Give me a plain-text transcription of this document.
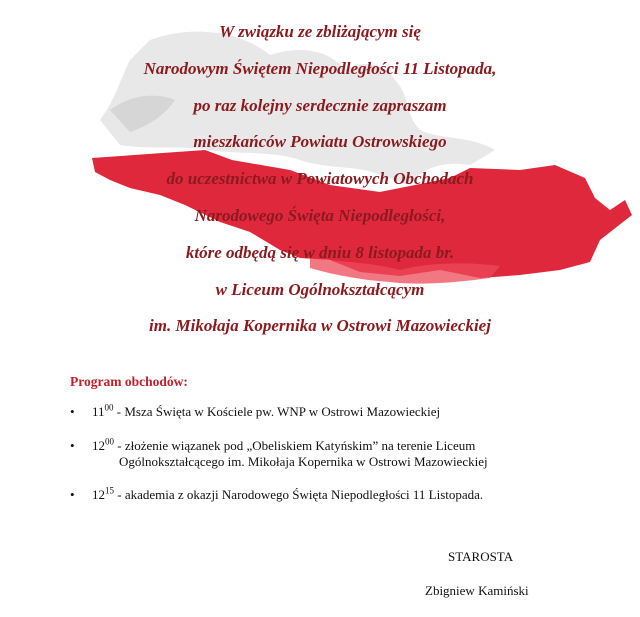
W związku ze zbliżającym się
Narodowym Świętem Niepodległości 11 Listopada,
po raz kolejny serdecznie zapraszam
mieszkańców Powiatu Ostrowskiego
do uczestnictwa w Powiatowych Obchodach
Narodowego Święta Niepodległości,
które odbędą się w dniu 8 listopada br.
w Liceum Ogólnokształcącym
im. Mikołaja Kopernika w Ostrowi Mazowieckiej
Program obchodów:
• $11^{00}$ - Msza Święta w Kościele pw. WNP w Ostrowi Mazowieckiej
• $12^{00}$ - złożenie wiązanek pod „Obeliskiem Katyńskim” na terenie Liceum
Ogólnokształcącego im. Mikołaja Kopernika w Ostrowi Mazowieckiej
• $12^{15}$ - akademia z okazji Narodowego Święta Niepodległości 11 Listopada.
STAROSTA
Zbigniew Kamiński
